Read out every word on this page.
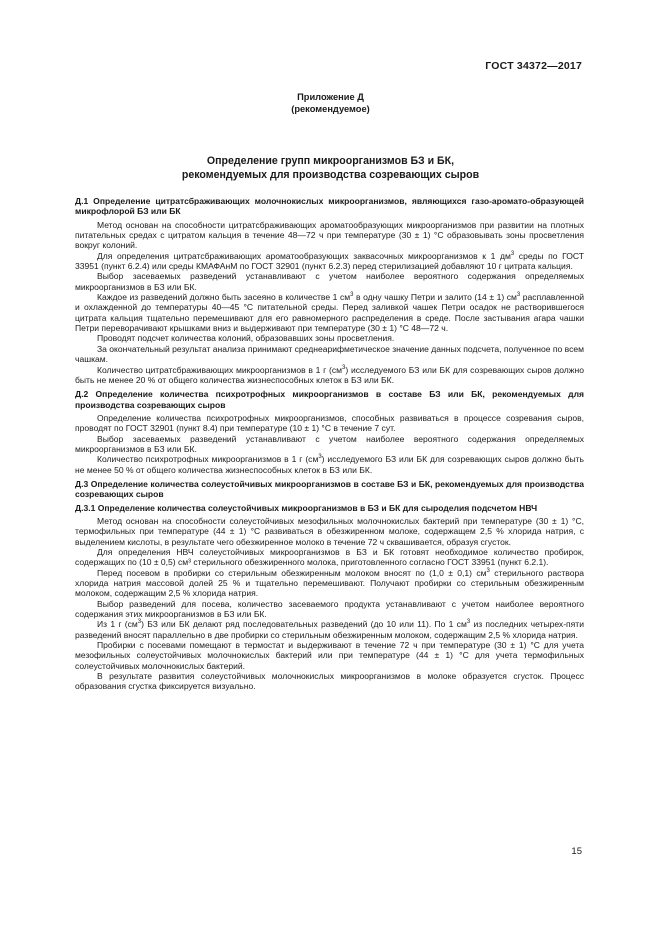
ГОСТ 34372—2017
Приложение Д
(рекомендуемое)
Определение групп микроорганизмов БЗ и БК,
рекомендуемых для производства созревающих сыров
Д.1 Определение цитратсбраживающих молочнокислых микроорганизмов, являющихся газо-аромато-образующей микрофлорой БЗ или БК

Метод основан на способности цитратсбраживающих ароматообразующих микроорганизмов при развитии на плотных питательных средах с цитратом кальция в течение 48—72 ч при температуре (30 ± 1) °С образовывать зоны просветления вокруг колоний.

Для определения цитратсбраживающих ароматообразующих заквасочных микроорганизмов к 1 $дм^3$ среды по ГОСТ 33951 (пункт 6.2.4) или среды КМАФАнМ по ГОСТ 32901 (пункт 6.2.3) перед стерилизацией добавляют 10 г цитрата кальция.

Выбор засеваемых разведений устанавливают с учетом наиболее вероятного содержания определяемых микроорганизмов в БЗ или БК.

Каждое из разведений должно быть засеяно в количестве 1 $см^3$ в одну чашку Петри и залито (14 ± 1) $см^3$ расплавленной и охлажденной до температуры 40—45 °С питательной среды. Перед заливкой чашек Петри осадок не растворившегося цитрата кальция тщательно перемешивают для его равномерного распределения в среде. После застывания агара чашки Петри переворачивают крышками вниз и выдерживают при температуре (30 ± 1) °С 48—72 ч.

Проводят подсчет количества колоний, образовавших зоны просветления.

За окончательный результат анализа принимают среднеарифметическое значение данных подсчета, полученное по всем чашкам.

Количество цитратсбраживающих микроорганизмов в 1 г $(см^3)$ исследуемого БЗ или БК для созревающих сыров должно быть не менее 20 % от общего количества жизнеспособных клеток в БЗ или БК.

Д.2 Определение количества психротрофных микроорганизмов в составе БЗ или БК, рекомендуемых для производства созревающих сыров

Определение количества психротрофных микроорганизмов, способных развиваться в процессе созревания сыров, проводят по ГОСТ 32901 (пункт 8.4) при температуре (10 ± 1) °С в течение 7 сут.

Выбор засеваемых разведений устанавливают с учетом наиболее вероятного содержания определяемых микроорганизмов в БЗ или БК.

Количество психротрофных микроорганизмов в 1 г $(см^3)$ исследуемого БЗ или БК для созревающих сыров должно быть не менее 50 % от общего количества жизнеспособных клеток в БЗ или БК.

Д.3 Определение количества солеустойчивых микроорганизмов в составе БЗ и БК, рекомендуемых для производства созревающих сыров
Д.3.1 Определение количества солеустойчивых микроорганизмов в БЗ и БК для сыроделия подсчетом НВЧ

Метод основан на способности солеустойчивых мезофильных молочнокислых бактерий при температуре (30 ± 1) °С, термофильных при температуре (44 ± 1) °С развиваться в обезжиренном молоке, содержащем 2,5 % хлорида натрия, с выделением кислоты, в результате чего обезжиренное молоко в течение 72 ч сквашивается, образуя сгусток.

Для определения НВЧ солеустойчивых микроорганизмов в БЗ и БК готовят необходимое количество пробирок, содержащих по (10 ± 0,5) см³ стерильного обезжиренного молока, приготовленного согласно ГОСТ 33951 (пункт 6.2.1).

Перед посевом в пробирки со стерильным обезжиренным молоком вносят по (1,0 ± 0,1) $см^3$ стерильного раствора хлорида натрия массовой долей 25 % и тщательно перемешивают. Получают пробирки со стерильным обезжиренным молоком, содержащим 2,5 % хлорида натрия.

Выбор разведений для посева, количество засеваемого продукта устанавливают с учетом наиболее вероятного содержания этих микроорганизмов в БЗ или БК.

Из 1 г $(см^3)$ БЗ или БК делают ряд последовательных разведений (до 10 или 11). По 1 $см^3$ из последних четырех-пяти разведений вносят параллельно в две пробирки со стерильным обезжиренным молоком, содержащим 2,5 % хлорида натрия.

Пробирки с посевами помещают в термостат и выдерживают в течение 72 ч при температуре (30 ± 1) °С для учета мезофильных солеустойчивых молочнокислых бактерий или при температуре (44 ± 1) °С для учета термофильных солеустойчивых молочнокислых бактерий.

В результате развития солеустойчивых молочнокислых микроорганизмов в молоке образуется сгусток. Процесс образования сгустка фиксируется визуально.

15
